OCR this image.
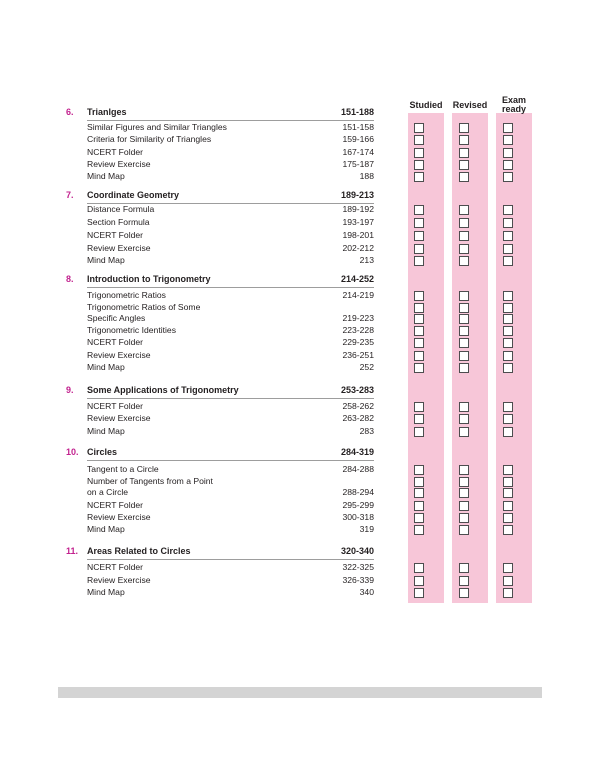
Studied	Revised	Exam
ready
6. Trianlges	151-188
Similar Figures and Similar Triangles	151-158
Criteria for Similarity of Triangles	159-166
NCERT Folder	167-174
Review Exercise	175-187
Mind Map	188
7. Coordinate Geometry	189-213
Distance Formula	189-192
Section Formula	193-197
NCERT Folder	198-201
Review Exercise	202-212
Mind Map	213
8. Introduction to Trigonometry	214-252
Trigonometric Ratios	214-219
Trigonometric Ratios of Some
Specific Angles	219-223
Trigonometric Identities	223-228
NCERT Folder	229-235
Review Exercise	236-251
Mind Map	252
9. Some Applications of Trigonometry	253-283
NCERT Folder	258-262
Review Exercise	263-282
Mind Map	283
10. Circles	284-319
Tangent to a Circle	284-288
Number of Tangents from a Point
on a Circle	288-294
NCERT Folder	295-299
Review Exercise	300-318
Mind Map	319
11. Areas Related to Circles	320-340
NCERT Folder	322-325
Review Exercise	326-339
Mind Map	340
